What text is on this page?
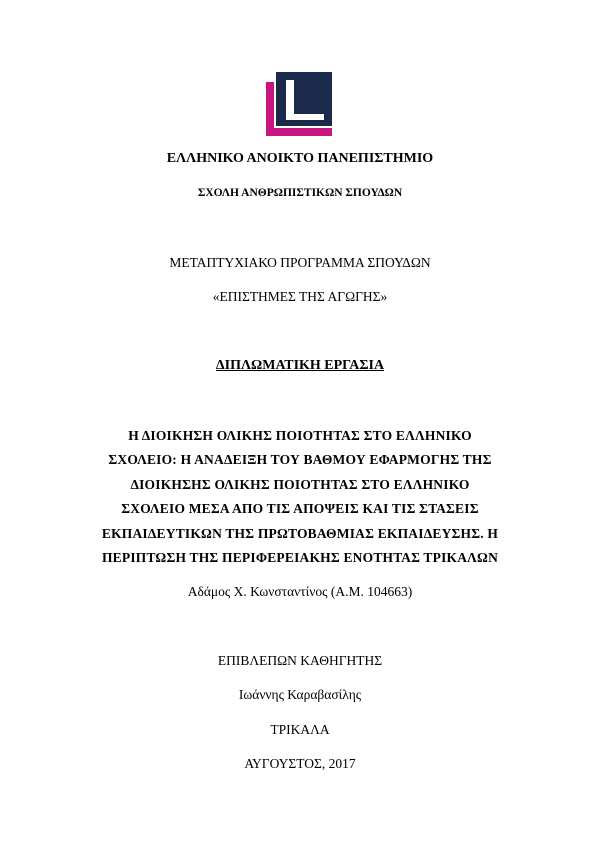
ΕΛΛΗΝΙΚΟ ΑΝΟΙΚΤΟ ΠΑΝΕΠΙΣΤΗΜΙΟ
ΣΧΟΛΗ ΑΝΘΡΩΠΙΣΤΙΚΩΝ ΣΠΟΥΔΩΝ
ΜΕΤΑΠΤΥΧΙΑΚΟ ΠΡΟΓΡΑΜΜΑ ΣΠΟΥΔΩΝ
«ΕΠΙΣΤΗΜΕΣ ΤΗΣ ΑΓΩΓΗΣ»
ΔΙΠΛΩΜΑΤΙΚΗ ΕΡΓΑΣΙΑ
Η ΔΙΟΙΚΗΣΗ ΟΛΙΚΗΣ ΠΟΙΟΤΗΤΑΣ ΣΤΟ ΕΛΛΗΝΙΚΟ
ΣΧΟΛΕΙΟ: Η ΑΝΑΔΕΙΞΗ ΤΟΥ ΒΑΘΜΟΥ ΕΦΑΡΜΟΓΗΣ ΤΗΣ
ΔΙΟΙΚΗΣΗΣ ΟΛΙΚΗΣ ΠΟΙΟΤΗΤΑΣ ΣΤΟ ΕΛΛΗΝΙΚΟ
ΣΧΟΛΕΙΟ ΜΕΣΑ ΑΠΟ ΤΙΣ ΑΠΟΨΕΙΣ ΚΑΙ ΤΙΣ ΣΤΑΣΕΙΣ
ΕΚΠΑΙΔΕΥΤΙΚΩΝ ΤΗΣ ΠΡΩΤΟΒΑΘΜΙΑΣ ΕΚΠΑΙΔΕΥΣΗΣ. Η
ΠΕΡΙΠΤΩΣΗ ΤΗΣ ΠΕΡΙΦΕΡΕΙΑΚΗΣ ΕΝΟΤΗΤΑΣ ΤΡΙΚΑΛΩΝ
Αδάμος Χ. Κωνσταντίνος (Α.Μ. 104663)
ΕΠΙΒΛΕΠΩΝ ΚΑΘΗΓΗΤΗΣ
Ιωάννης Καραβασίλης
ΤΡΙΚΑΛΑ
ΑΥΓΟΥΣΤΟΣ, 2017
